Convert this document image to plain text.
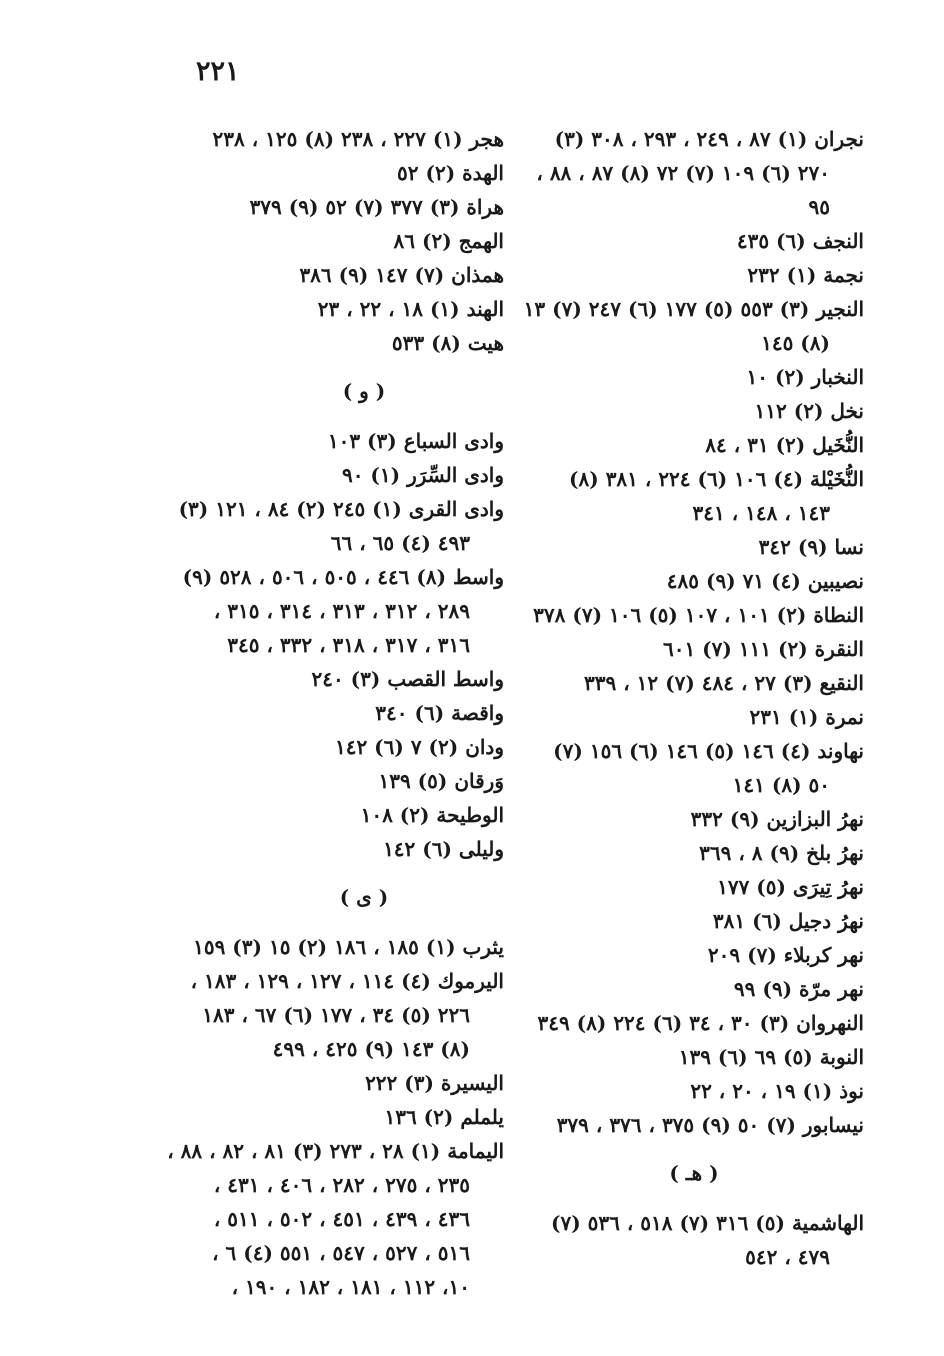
٢٢١
نجران (١) ٨٧ ، ٢٤٩ ، ٢٩٣ ، ٣٠٨ (٣)
٢٧٠ (٦) ١٠٩ (٧) ٧٢ (٨) ٨٧ ، ٨٨ ،
٩٥
النجف (٦) ٤٣٥
نجمة (١) ٢٣٢
النجير (٣) ٥٥٣ (٥) ١٧٧ (٦) ٢٤٧ (٧) ١٣
(٨) ١٤٥
النخبار (٢) ١٠
نخل (٢) ١١٢
النُّخَيل (٢) ٣١ ، ٨٤
النُّخَيْلة (٤) ١٠٦ (٦) ٢٢٤ ، ٣٨١ (٨)
١٤٣ ، ١٤٨ ، ٣٤١
نسا (٩) ٣٤٢
نصيبين (٤) ٧١ (٩) ٤٨٥
النطاة (٢) ١٠١ ، ١٠٧ (٥) ١٠٦ (٧) ٣٧٨
النقرة (٢) ١١١ (٧) ٦٠١
النقيع (٣) ٢٧ ، ٤٨٤ (٧) ١٢ ، ٣٣٩
نمرة (١) ٢٣١
نهاوند (٤) ١٤٦ (٥) ١٤٦ (٦) ١٥٦ (٧)
٥٠ (٨) ١٤١
نهرُ البزازين (٩) ٣٣٢
نهرُ بلخ (٩) ٨ ، ٣٦٩
نهرُ تِيرَى (٥) ١٧٧
نهرُ دجيل (٦) ٣٨١
نهر كربلاء (٧) ٢٠٩
نهر مرّة (٩) ٩٩
النهروان (٣) ٣٠ ، ٣٤ (٦) ٢٢٤ (٨) ٣٤٩
النوبة (٥) ٦٩ (٦) ١٣٩
نوذ (١) ١٩ ، ٢٠ ، ٢٢
نيسابور (٧) ٥٠ (٩) ٣٧٥ ، ٣٧٦ ، ٣٧٩
( هـ )
الهاشمية (٥) ٣١٦ (٧) ٥١٨ ، ٥٣٦ (٧)
٤٧٩ ، ٥٤٢
هجر (١) ٢٢٧ ، ٢٣٨ (٨) ١٢٥ ، ٢٣٨
الهدة (٢) ٥٢
هراة (٣) ٣٧٧ (٧) ٥٢ (٩) ٣٧٩
الهمج (٢) ٨٦
همذان (٧) ١٤٧ (٩) ٣٨٦
الهند (١) ١٨ ، ٢٢ ، ٢٣
هيت (٨) ٥٣٣
( و )
وادى السباع (٣) ١٠٣
وادى السِّرَر (١) ٩٠
وادى القرى (١) ٢٤٥ (٢) ٨٤ ، ١٢١ (٣)
٤٩٣ (٤) ٦٥ ، ٦٦
واسط (٨) ٤٤٦ ، ٥٠٥ ، ٥٠٦ ، ٥٢٨ (٩)
٢٨٩ ، ٣١٢ ، ٣١٣ ، ٣١٤ ، ٣١٥ ،
٣١٦ ، ٣١٧ ، ٣١٨ ، ٣٣٢ ، ٣٤٥
واسط القصب (٣) ٢٤٠
واقصة (٦) ٣٤٠
ودان (٢) ٧ (٦) ١٤٢
وَرقان (٥) ١٣٩
الوطيحة (٢) ١٠٨
وليلى (٦) ١٤٢
( ى )
يثرب (١) ١٨٥ ، ١٨٦ (٢) ١٥ (٣) ١٥٩
اليرموك (٤) ١١٤ ، ١٢٧ ، ١٢٩ ، ١٨٣ ،
٢٢٦ (٥) ٣٤ ، ١٧٧ (٦) ٦٧ ، ١٨٣
(٨) ١٤٣ (٩) ٤٢٥ ، ٤٩٩
اليسيرة (٣) ٢٢٢
يلملم (٢) ١٣٦
اليمامة (١) ٢٨ ، ٢٧٣ (٣) ٨١ ، ٨٢ ، ٨٨ ،
٢٣٥ ، ٢٧٥ ، ٢٨٢ ، ٤٠٦ ، ٤٣١ ،
٤٣٦ ، ٤٣٩ ، ٤٥١ ، ٥٠٢ ، ٥١١ ،
٥١٦ ، ٥٢٧ ، ٥٤٧ ، ٥٥١ (٤) ٦ ،
١٠، ١١٢ ، ١٨١ ، ١٨٢ ، ١٩٠ ،
